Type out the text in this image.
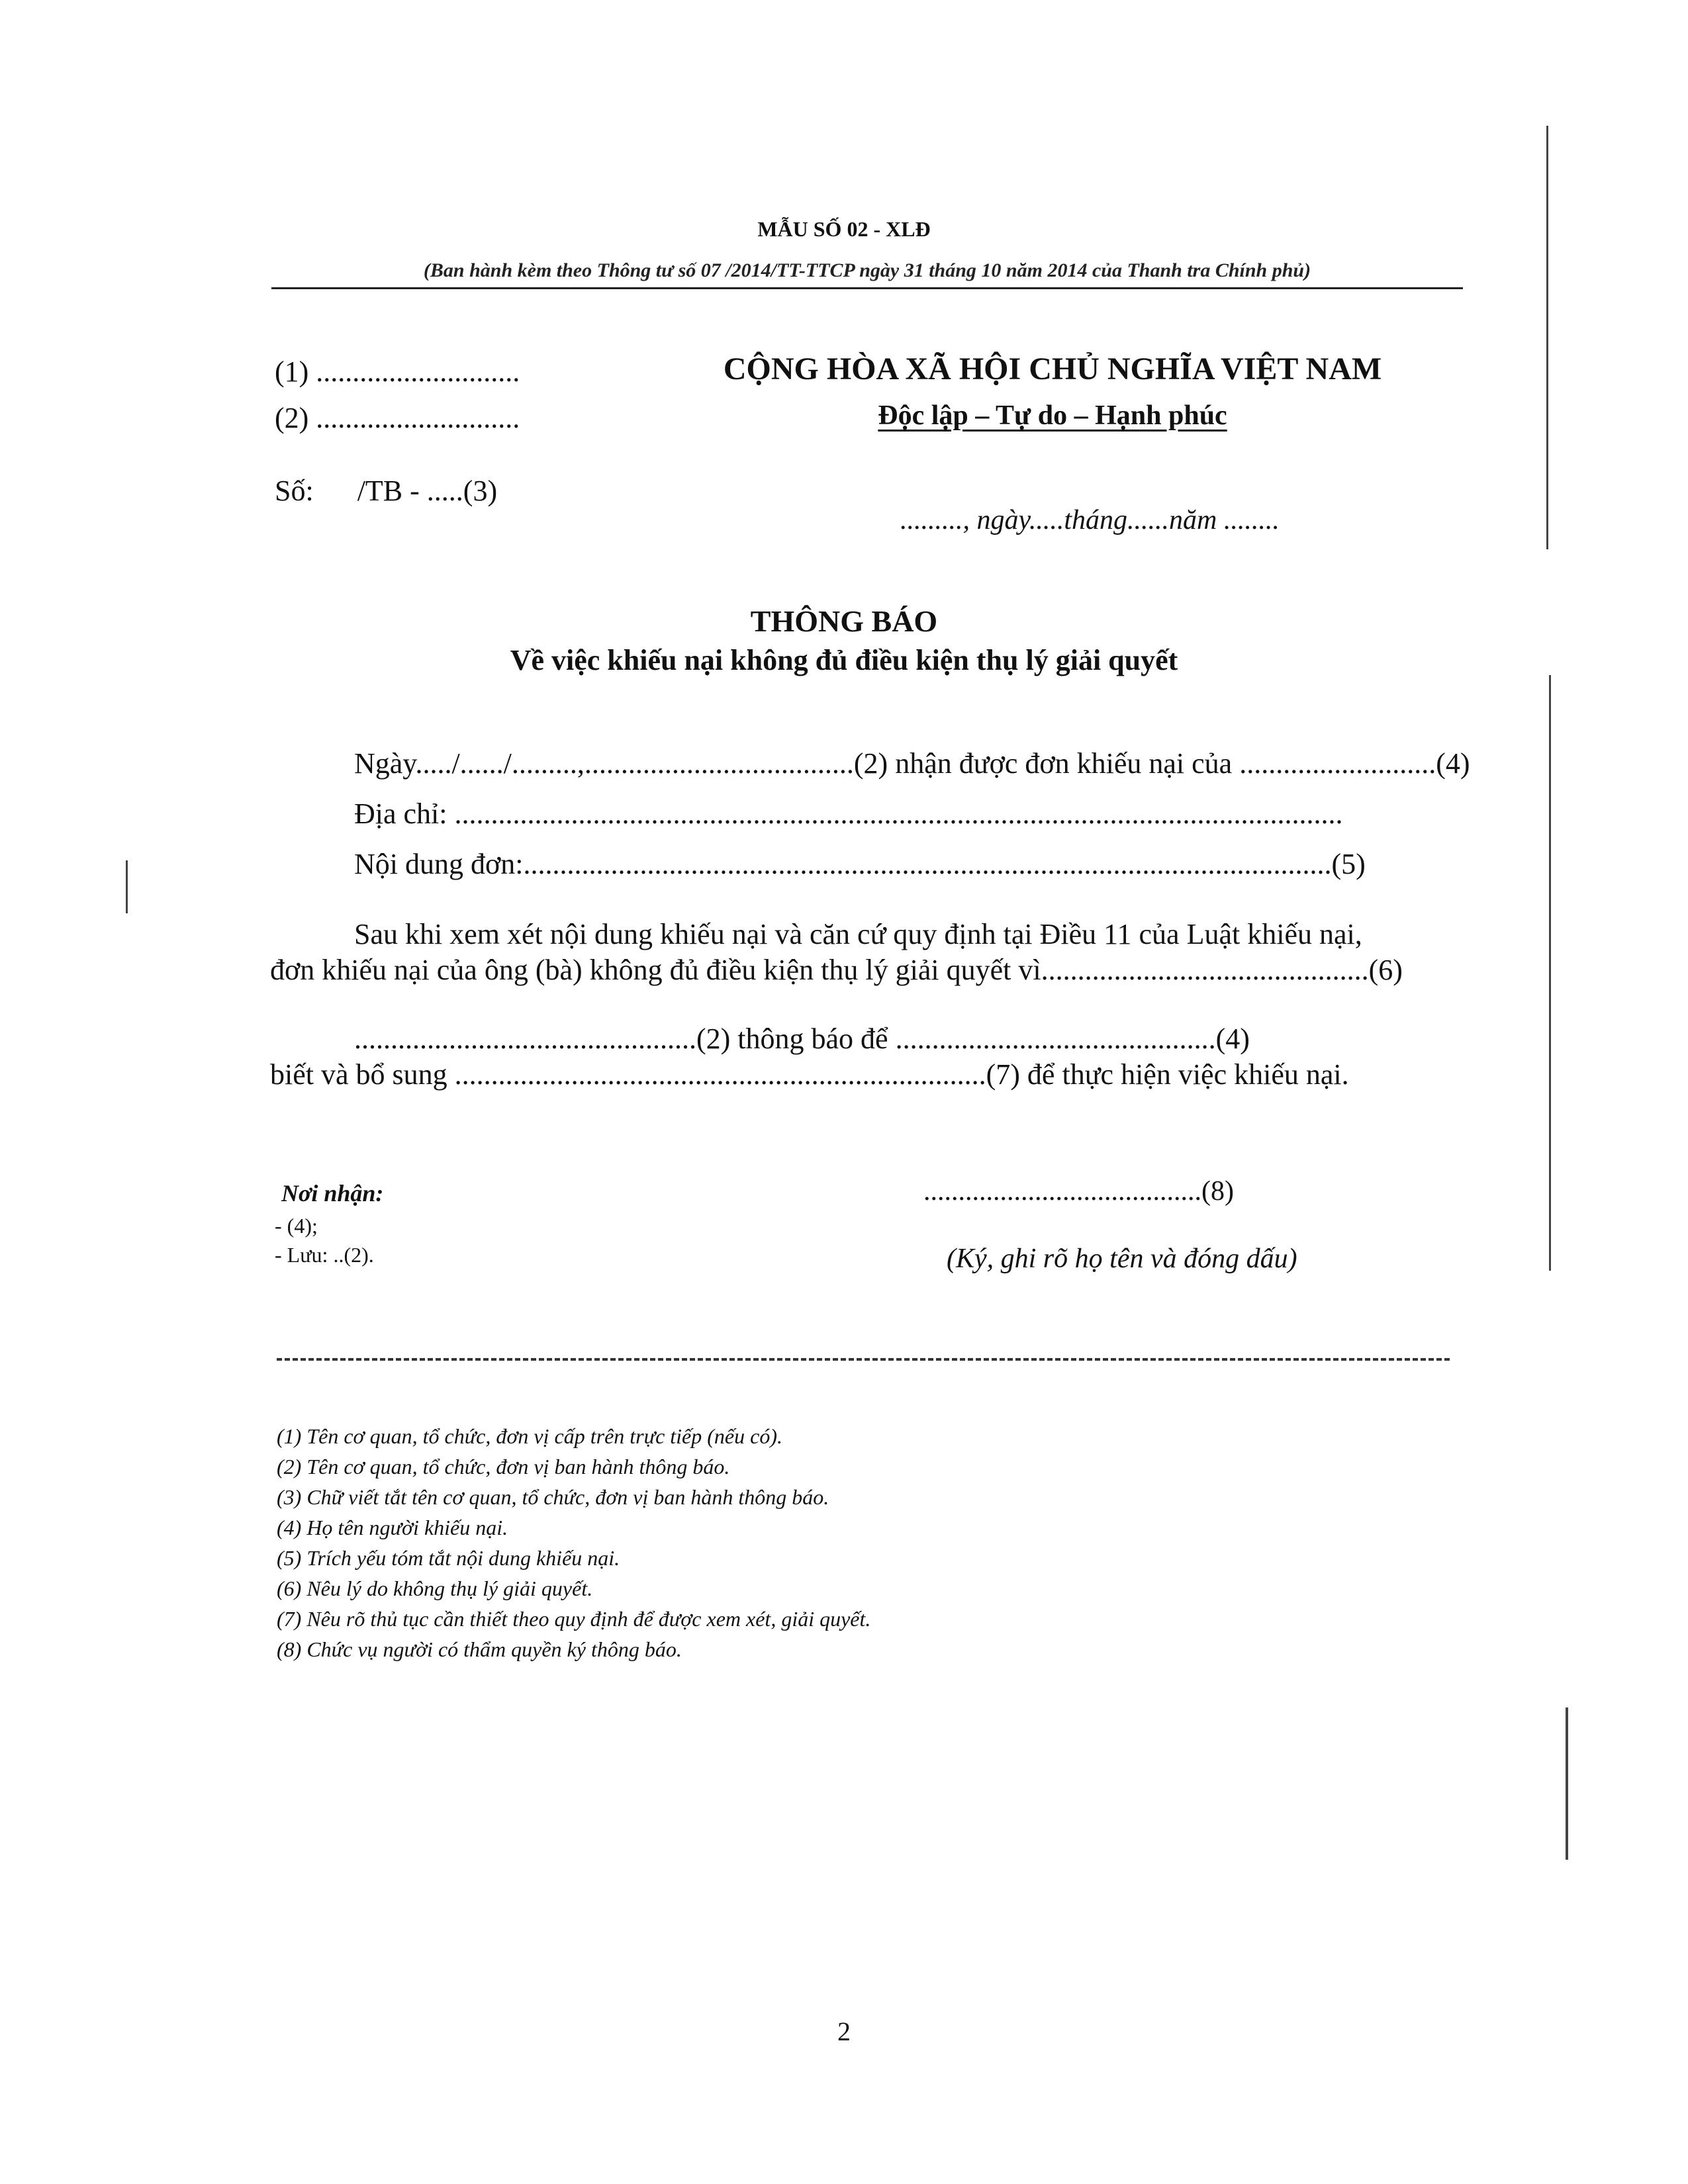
MẪU SỐ 02 - XLĐ
(Ban hành kèm theo Thông tư số 07 /2014/TT-TTCP ngày 31 tháng 10 năm 2014 của Thanh tra Chính phủ)
(1) ............................
(2) ............................
Số:      /TB - .....(3)
CỘNG HÒA XÃ HỘI CHỦ NGHĨA VIỆT NAM
Độc lập – Tự do – Hạnh phúc
........., ngày.....tháng......năm ........
THÔNG BÁO
Về việc khiếu nại không đủ điều kiện thụ lý giải quyết
Ngày...../....../.........,.....................................(2) nhận được đơn khiếu nại của ...........................(4)
Địa chỉ: ..........................................................................................................................
Nội dung đơn:...............................................................................................................(5)
Sau khi xem xét nội dung khiếu nại và căn cứ quy định tại Điều 11 của Luật khiếu nại,
đơn khiếu nại của ông (bà) không đủ điều kiện thụ lý giải quyết vì.............................................(6)
...............................................(2) thông báo để ............................................(4)
biết và bổ sung .........................................................................(7) để thực hiện việc khiếu nại.
Nơi nhận:
- (4);
- Lưu: ..(2).
........................................(8)
(Ký, ghi rõ họ tên và đóng dấu)
(1) Tên cơ quan, tổ chức, đơn vị cấp trên trực tiếp (nếu có).
(2) Tên cơ quan, tổ chức, đơn vị ban hành thông báo.
(3) Chữ viết tắt tên cơ quan, tổ chức, đơn vị ban hành thông báo.
(4) Họ tên người khiếu nại.
(5) Trích yếu tóm tắt nội dung khiếu nại.
(6) Nêu lý do không thụ lý giải quyết.
(7) Nêu rõ thủ tục cần thiết theo quy định để được xem xét, giải quyết.
(8) Chức vụ người có thẩm quyền ký thông báo.
2
